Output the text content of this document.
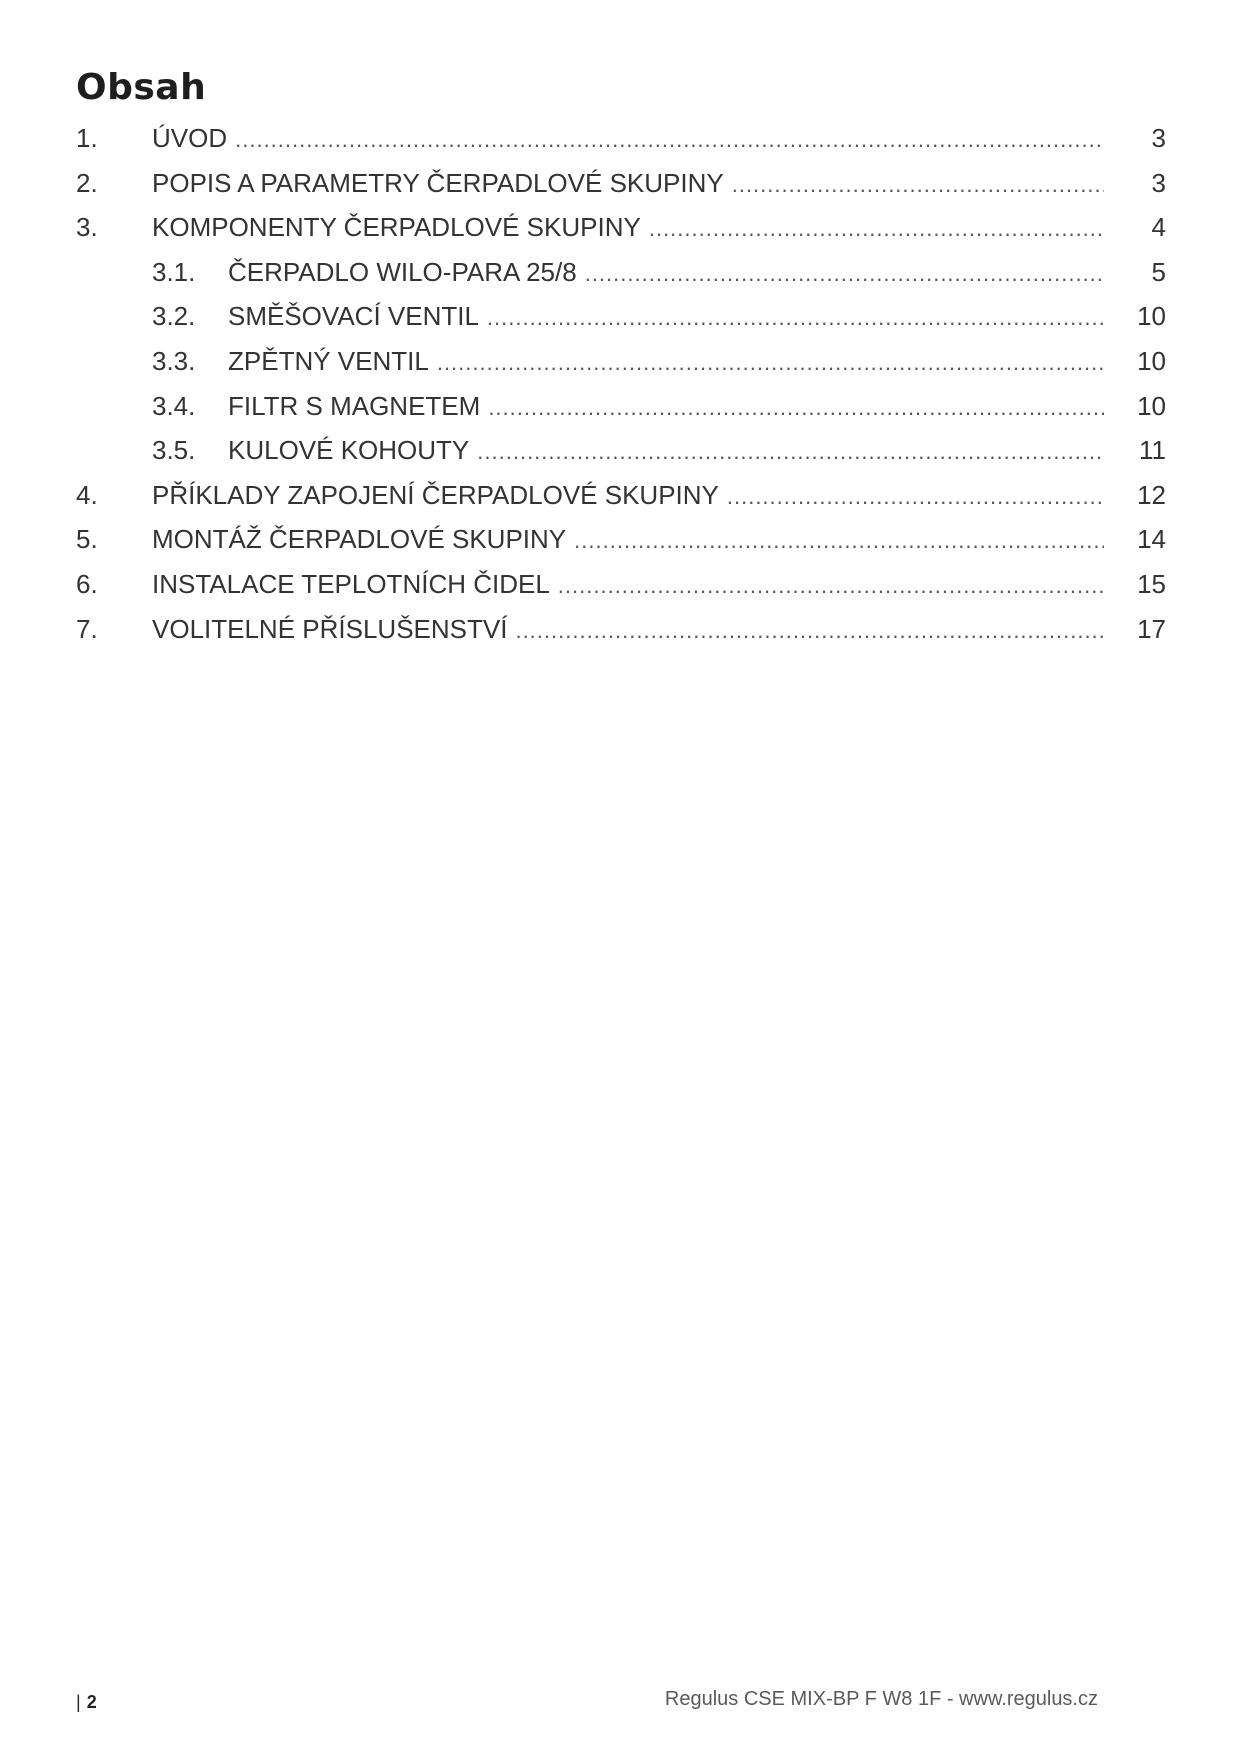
Obsah
1.	ÚVOD .....	3
2.	POPIS A PARAMETRY ČERPADLOVÉ SKUPINY .....	3
3.	KOMPONENTY ČERPADLOVÉ SKUPINY .....	4
3.1.	ČERPADLO WILO-PARA 25/8 .....	5
3.2.	SMĚŠOVACÍ VENTIL .....	10
3.3.	ZPĚTNÝ VENTIL .....	10
3.4.	FILTR S MAGNETEM .....	10
3.5.	KULOVÉ KOHOUTY .....	11
4.	PŘÍKLADY ZAPOJENÍ ČERPADLOVÉ SKUPINY .....	12
5.	MONTÁŽ ČERPADLOVÉ SKUPINY .....	14
6.	INSTALACE TEPLOTNÍCH ČIDEL .....	15
7.	VOLITELNÉ PŘÍSLUŠENSTVÍ .....	17
| 2	Regulus CSE MIX-BP F W8 1F - www.regulus.cz
